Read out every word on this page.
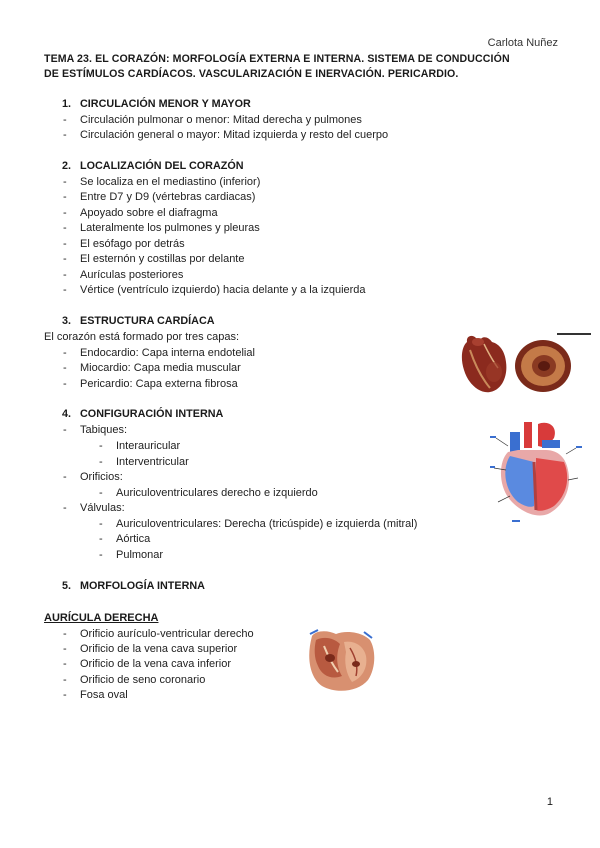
Carlota Nuñez
TEMA 23. EL CORAZÓN: MORFOLOGÍA EXTERNA E INTERNA. SISTEMA DE CONDUCCIÓN
DE ESTÍMULOS CARDÍACOS. VASCULARIZACIÓN E INERVACIÓN. PERICARDIO.
1. CIRCULACIÓN MENOR Y MAYOR
- Circulación pulmonar o menor: Mitad derecha y pulmones
- Circulación general o mayor: Mitad izquierda y resto del cuerpo
2. LOCALIZACIÓN DEL CORAZÓN
- Se localiza en el mediastino (inferior)
- Entre D7 y D9 (vértebras cardiacas)
- Apoyado sobre el diafragma
- Lateralmente los pulmones y pleuras
- El esófago por detrás
- El esternón y costillas por delante
- Aurículas posteriores
- Vértice (ventrículo izquierdo) hacia delante y a la izquierda
3. ESTRUCTURA CARDÍACA
El corazón está formado por tres capas:
- Endocardio: Capa interna endotelial
- Miocardio: Capa media muscular
- Pericardio: Capa externa fibrosa
4. CONFIGURACIÓN INTERNA
- Tabiques:
- Interauricular
- Interventricular
- Orificios:
- Auriculoventriculares derecho e izquierdo
- Válvulas:
- Auriculoventriculares: Derecha (tricúspide) e izquierda (mitral)
- Aórtica
- Pulmonar
5. MORFOLOGÍA INTERNA
AURÍCULA DERECHA
- Orificio aurículo-ventricular derecho
- Orificio de la vena cava superior
- Orificio de la vena cava inferior
- Orificio de seno coronario
- Fosa oval
1
